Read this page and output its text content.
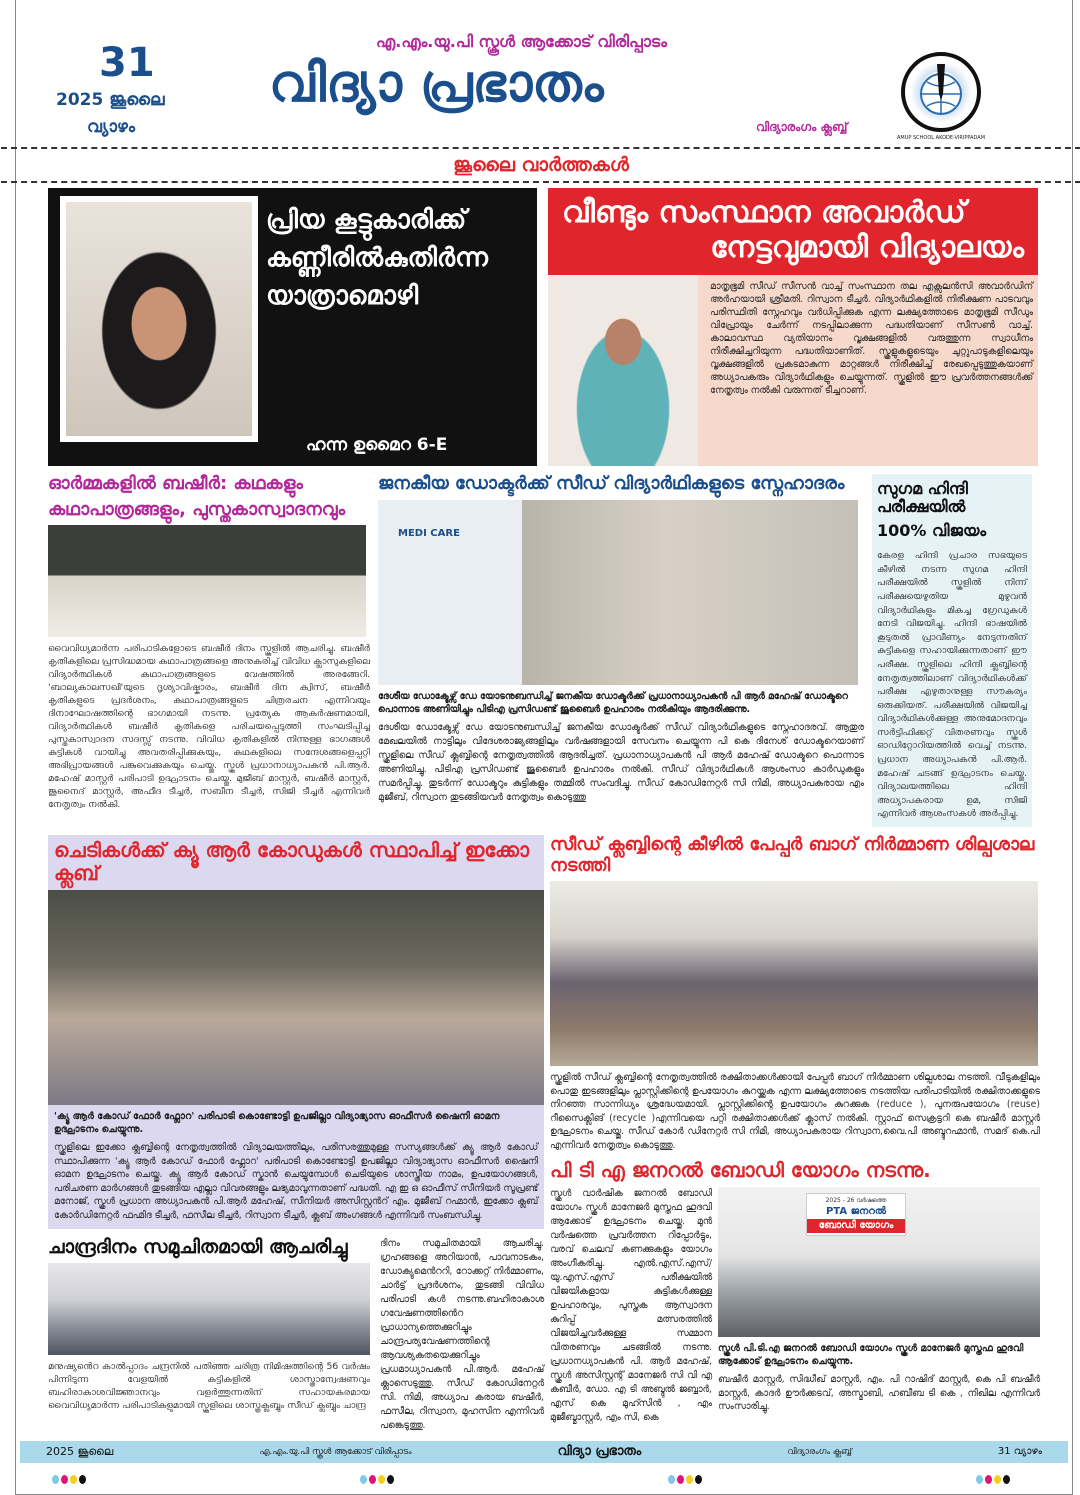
31
2025 ജൂലൈ
വ്യാഴം
എ.എം.യു.പി സ്കൂൾ ആക്കോട് വിരിപ്പാടം
വിദ്യാ പ്രഭാതം
വിദ്യാരംഗം ക്ലബ്ബ്
AMUP SCHOOL AKODE-VIRIPPADAM
ജൂലൈ വാർത്തകൾ
പ്രിയ കൂട്ടുകാരിക്ക്
കണ്ണീരിൽകുതിർന്ന
യാത്രാമൊഴി
ഹന്ന ഉമൈറ 6-E
വീണ്ടും സംസ്ഥാന അവാർഡ്
നേട്ടവുമായി വിദ്യാലയം
മാതൃഭൂമി സീഡ് സീസൻ വാച്ച് സംസ്ഥാന തല എക്സലൻസി അവാർഡിന് അർഹയായി ശ്രീമതി. റിസ്വാന ടീച്ചർ. വിദ്യാർഥികളിൽ നിരീക്ഷണ പാടവവും പരിസ്ഥിതി സ്നേഹവും വർധിപ്പിക്കുക എന്ന ലക്ഷ്യത്തോടെ മാതൃഭൂമി സീഡും വിപ്രോയും ചേർന്ന് നടപ്പിലാക്കുന്ന പദ്ധതിയാണ് സീസൺ വാച്ച്. കാലാവസ്ഥ വ്യതിയാനം വൃക്ഷങ്ങളിൽ വരുത്തുന്ന സ്വാധീനം നിരീക്ഷിച്ചറിയുന്ന പദ്ധതിയാണിത്. സ്കൂളുകളുടെയും ചുറ്റുപാടുകളിലെയും വൃക്ഷങ്ങളിൽ പ്രകടമാകുന്ന മാറ്റങ്ങൾ നിരീക്ഷിച്ച് രേഖപ്പെടുത്തുകയാണ് അധ്യാപകരും വിദ്യാർഥികളും ചെയ്യുന്നത്. സ്കൂളിൽ ഈ പ്രവർത്തനങ്ങൾക്ക് നേതൃത്വം നൽകി വരുന്നത് ടീച്ചറാണ്.
ഓർമ്മകളിൽ ബഷീർ: കഥകളും
കഥാപാത്രങ്ങളും, പുസ്തകാസ്വാദനവും
വൈവിധ്യമാർന്ന പരിപാടികളോടെ ബഷീർ ദിനം സ്കൂളിൽ ആചരിച്ചു. ബഷീർ കൃതികളിലെ പ്രസിദ്ധമായ കഥാപാത്രങ്ങളെ അനുകരിച്ച് വിവിധ ക്ലാസുകളിലെ വിദ്യാർത്ഥികൾ കഥാപാത്രങ്ങളുടെ വേഷത്തിൽ അരങ്ങേറി. 'ബാല്യകാലസഖി'യുടെ ദൃശ്യാവിഷ്കാരം, ബഷീർ ദിന ക്വിസ്, ബഷീർ കൃതികളുടെ പ്രദർശനം, കഥാപാത്രങ്ങളുടെ ചിത്രരചന എന്നിവയും ദിനാഘോഷത്തിന്റെ ഭാഗമായി നടന്നു. പ്രത്യേക ആകർഷണമായി, വിദ്യാർത്ഥികൾ ബഷീർ കൃതികളെ പരിചയപ്പെടുത്തി സംഘടിപ്പിച്ച പുസ്തകാസ്വാദന സദസ്സ് നടന്നു. വിവിധ കൃതികളിൽ നിന്നുള്ള ഭാഗങ്ങൾ കുട്ടികൾ വായിച്ചു അവതരിപ്പിക്കുകയും, കഥകളിലെ സന്ദേശങ്ങളെപ്പറ്റി അഭിപ്രായങ്ങൾ പങ്കുവെക്കുകയും ചെയ്തു. സ്കൂൾ പ്രധാനാധ്യാപകൻ പി.ആർ. മഹേഷ് മാസ്റ്റർ പരിപാടി ഉദ്ഘാടനം ചെയ്തു. മുജീബ് മാസ്റ്റർ, ബഷീർ മാസ്റ്റർ, ജുനൈദ് മാസ്റ്റർ, അഫീദ ടീച്ചർ, സബീന ടീച്ചർ, സിജി ടീച്ചർ എന്നിവർ നേതൃത്വം നൽകി.
ജനകീയ ഡോക്ടർക്ക് സീഡ് വിദ്യാർഥികളുടെ സ്നേഹാദരം
MEDI CARE
ദേശീയ ഡോക്ടേഴ്സ് ഡേ യോടനുബന്ധിച്ച് ജനകീയ ഡോക്ടർക്ക് പ്രധാനാധ്യാപകൻ പി ആർ മഹേഷ് ഡോക്ടറെ പൊന്നാട അണിയിച്ചും പിടിഎ പ്രസിഡണ്ട് ജുബൈർ ഉപഹാരം നൽകിയും ആദരിക്കുന്നു.
ദേശീയ ഡോക്ടേഴ്സ് ഡേ യോടനുബന്ധിച്ച് ജനകീയ ഡോക്ടർക്ക് സീഡ് വിദ്യാർഥികളുടെ സ്നേഹാദരവ്. ആതുര മേഖലയിൽ നാട്ടിലും വിദേശരാജ്യങ്ങളിലും വർഷങ്ങളായി സേവനം ചെയ്യുന്ന പി കെ ദിനേശ് ഡോക്ടറെയാണ് സ്കൂളിലെ സീഡ് ക്ലബ്ബിന്റെ നേതൃത്വത്തിൽ ആദരിച്ചത്. പ്രധാനാധ്യാപകൻ പി ആർ മഹേഷ് ഡോക്ടറെ പൊന്നാട അണിയിച്ചു. പിടിഎ പ്രസിഡണ്ട് ജുബൈർ ഉപഹാരം നൽകി. സീഡ് വിദ്യാർഥികൾ ആശംസാ കാർഡുകളും സമർപ്പിച്ചു. തുടർന്ന് ഡോക്ടറും കുട്ടികളും തമ്മിൽ സംവദിച്ചു. സീഡ് കോഡിനേറ്റർ സി നിമി, അധ്യാപകരായ എം മുജീബ്, റിസ്വാന തുടങ്ങിയവർ നേതൃത്വം കൊടുത്തു
സുഗമ ഹിന്ദി പരീക്ഷയിൽ
100% വിജയം
കേരള ഹിന്ദി പ്രചാര സഭയുടെ കീഴിൽ നടന്ന സുഗമ ഹിന്ദി പരീക്ഷയിൽ സ്കൂളിൽ നിന്ന് പരീക്ഷയെഴുതിയ മുഴുവൻ വിദ്യാർഥികളും മികച്ച ഗ്രേഡുകൾ നേടി വിജയിച്ചു. ഹിന്ദി ഭാഷയിൽ കൂടുതൽ പ്രാവീണ്യം നേടുന്നതിന് കുട്ടികളെ സഹായിക്കുന്നതാണ് ഈ പരീക്ഷ. സ്കൂളിലെ ഹിന്ദി ക്ലബ്ബിന്റെ നേതൃത്വത്തിലാണ് വിദ്യാർഥികൾക്ക് പരീക്ഷ എഴുതാനുള്ള സൗകര്യം ഒരുക്കിയത്. പരീക്ഷയിൽ വിജയിച്ച വിദ്യാർഥികൾക്കുള്ള അനുമോദനവും സർട്ടിഫിക്കറ്റ് വിതരണവും സ്കൂൾ ഓഡിറ്റോറിയത്തിൽ വെച്ച് നടന്നു. പ്രധാന അധ്യാപകൻ പി.ആർ. മഹേഷ് ചടങ്ങ് ഉദ്ഘാടനം ചെയ്തു. വിദ്യാലയത്തിലെ ഹിന്ദി അധ്യാപകരായ ഉമ, സിജി എന്നിവർ ആശംസകൾ അർപ്പിച്ചു.
ചെടികൾക്ക് ക്യൂ ആർ കോഡുകൾ സ്ഥാപിച്ച് ഇക്കോ ക്ലബ്
'ക്യൂ ആർ കോഡ് ഫോർ ഫ്ലോറ' പരിപാടി കൊണ്ടോട്ടി ഉപജില്ലാ വിദ്യാഭ്യാസ ഓഫീസർ ഷൈനി ഓമന ഉദ്ഘാടനം ചെയ്യുന്നു.
സ്കൂളിലെ ഇക്കോ ക്ലബ്ബിന്റെ നേതൃത്വത്തിൽ വിദ്യാലയത്തിലും, പരിസരത്തുമുള്ള സസ്യങ്ങൾക്ക് ക്യൂ ആർ കോഡ് സ്ഥാപിക്കുന്ന 'ക്യൂ ആർ കോഡ് ഫോർ ഫ്ലോറ' പരിപാടി കൊണ്ടോട്ടി ഉപജില്ലാ വിദ്യാഭ്യാസ ഓഫീസർ ഷൈനി ഓമന ഉദ്ഘാടനം ചെയ്തു. ക്യൂ ആർ കോഡ് സ്കാൻ ചെയ്യുമ്പോൾ ചെടിയുടെ ശാസ്ത്രീയ നാമം, ഉപയോഗങ്ങൾ, പരിചരണ മാർഗങ്ങൾ തുടങ്ങിയ എല്ലാ വിവരങ്ങളും ലഭ്യമാവുന്നതാണ് പദ്ധതി. എ ഇ ഒ ഓഫീസ് സീനിയർ സൂപ്രണ്ട് മനോജ്, സ്കൂൾ പ്രധാന അധ്യാപകൻ പി.ആർ മഹേഷ്, സീനിയർ അസിസ്റ്റൻറ് എം. മുജീബ് റഹ്മാൻ, ഇക്കോ ക്ലബ് കോർഡിനേറ്റർ ഫഹ്മിദ ടീച്ചർ, ഫസീല ടീച്ചർ, റിസ്വാന ടീച്ചർ, ക്ലബ് അംഗങ്ങൾ എന്നിവർ സംബന്ധിച്ചു.
ചാന്ദ്രദിനം സമുചിതമായി ആചരിച്ചു
മനുഷ്യൻെറ കാൽപ്പാദം ചന്ദ്രനിൽ പതിഞ്ഞ ചരിത്ര നിമിഷത്തിന്റെ 56 വർഷം പിന്നിടുന്ന വേളയിൽ കുട്ടികളിൽ ശാസ്ത്രാന്വേഷണവും ബഹിരാകാശവിജ്ഞാനവും വളർത്തുന്നതിന് സഹായകരമായ വൈവിധ്യമാർന്ന പരിപാടികളുമായി സ്കൂളിലെ ശാസ്ത്രക്ലബ്ബും സീഡ് ക്ലബ്ബും ചാന്ദ്ര
ദിനം സമുചിതമായി ആചരിച്ചു. ഗ്രഹങ്ങളെ അറിയാൻ, പാവനാടകം, ഡോക്യുമെൻററി, റോക്കറ്റ് നിർമ്മാണം, ചാർട്ട് പ്രദർശനം, തുടങ്ങി വിവിധ പരിപാടി കൾ നടന്നു.ബഹിരാകാശ ഗവേഷണത്തിൻെറ പ്രാധാന്യത്തെക്കുറിച്ചും ചാന്ദ്രപര്യവേഷണത്തിന്റെ ആവശ്യകതയെക്കുറിച്ചും പ്രധമാധ്യാപകൻ പി.ആർ. മഹേഷ് ക്ലാസെടുത്തു. സീഡ് കോഡിനേറ്റർ സി. നിമി, അധ്യാപ കരായ ബഷീർ, ഫസീല, റിസ്വാന, മുഹസിന എന്നിവർ പങ്കെടുത്തു.
സീഡ് ക്ലബ്ബിന്റെ കീഴിൽ പേപ്പർ ബാഗ് നിർമ്മാണ ശില്പശാല നടത്തി
സ്കൂളിൽ സീഡ് ക്ലബ്ബിന്റെ നേതൃത്വത്തിൽ രക്ഷിതാക്കൾക്കായി പേപ്പർ ബാഗ് നിർമ്മാണ ശില്പശാല നടത്തി. വീടുകളിലും പൊതു ഇടങ്ങളിലും പ്ലാസ്റ്റിക്കിന്റെ ഉപയോഗം കുറയ്ക്കുക എന്ന ലക്ഷ്യത്തോടെ നടത്തിയ പരിപാടിയിൽ രക്ഷിതാക്കളുടെ നിറഞ്ഞ സാന്നിധ്യം ശ്രദ്ധേയമായി. പ്ലാസ്റ്റിക്കിന്റെ ഉപയോഗം കുറക്കുക (reduce ), പുനരുപയോഗം (reuse) റീസൈക്ലിങ് (recycle )എന്നിവയെ പറ്റി രക്ഷിതാക്കൾക്ക് ക്ലാസ് നൽകി. സ്റ്റാഫ് സെക്രട്ടറി കെ ബഷീർ മാസ്റ്റർ ഉദ്ഘാടനം ചെയ്തു. സീഡ് കോർ ഡിനേറ്റർ സി നിമി, അധ്യാപകരായ റിസ്വാന,വൈ.പി അബ്ദുറഹ്മാൻ, സമദ് കെ.പി എന്നിവർ നേതൃത്വം കൊടുത്തു.
പി ടി എ ജനറൽ ബോഡി യോഗം നടന്നു.
സ്കൂൾ വാർഷിക ജനറൽ ബോഡി യോഗം സ്കൂൾ മാനേജർ മുസ്തഫ ഹുദവി ആക്കോട് ഉദ്ഘാടനം ചെയ്തു. മുൻ വർഷത്തെ പ്രവർത്തന റിപ്പോർട്ടും, വരവ് ചെലവ് കണക്കുകളും യോഗം അംഗീകരിച്ചു. എൽ.എസ്.എസ്/യു.എസ്.എസ് പരീക്ഷയിൽ വിജയികളായ കുട്ടികൾക്കുള്ള ഉപഹാരവും, പുസ്തക ആസ്വാദന കുറിപ്പ് മത്സരത്തിൽ വിജയിച്ചവർക്കുള്ള സമ്മാന വിതരണവും ചടങ്ങിൽ നടന്നു. പ്രധാനധ്യാപകൻ പി. ആർ മഹേഷ്, സ്കൂൾ അസിസ്റ്റന്റ് മാനേജർ സി വി എ കബീർ, ഡോ. എ ടി അബ്ദുൽ ജബ്ബാർ, എസ് കെ മുഹ്സിൻ , എം മുജീബ്മാസ്റ്റർ, എം സി, കെ
2025 - 26 വർഷത്തെ
PTA ജനറൽ
ബോഡി യോഗം
സ്കൂൾ പി.ടി.എ ജനറൽ ബോഡി യോഗം സ്കൂൾ മാനേജർ മുസ്തഫ ഹുദവി ആക്കോട് ഉദ്ഘാടനം ചെയ്യുന്നു.
ബഷീർ മാസ്റ്റർ, സിദ്ധീഖ് മാസ്റ്റർ, എം. പി റാഷിദ് മാസ്റ്റർ, കെ പി ബഷീർ മാസ്റ്റർ, കാദർ ഊർക്കടവ്, അസ്മാബി, ഹബീബ ടി കെ , നിഖില എന്നിവർ സംസാരിച്ചു.
2025 ജൂലൈ	എ.എം.യു.പി സ്കൂൾ ആക്കോട് വിരിപ്പാടം	വിദ്യാ പ്രഭാതം	വിദ്യാരംഗം ക്ലബ്ബ്	31 വ്യാഴം
